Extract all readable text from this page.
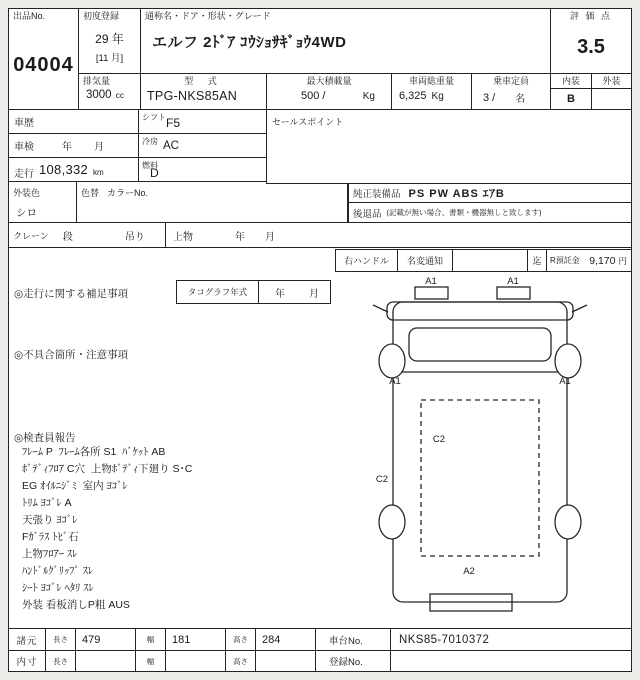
出品No.
04004
初度登録
29 年
[11 月]
通称名・ドア・形状・グレード
エルフ 2ﾄﾞｱ ｺｳｼｮｻｷﾞｮｳ4WD
評 価 点
3.5
排気量
3000 cc
型 式
TPG-NKS85AN
最大積載量
500 /	Kg
車両総重量
6,325 Kg
乗車定員
3 / 名
内装
B
外装
車歴
シフト F5
車検	年 月
冷房 AC
走行 108,332 km
燃料
D
外装色
シロ
色替 カラーNo.
セールスポイント
純正装備品 PS PW ABS ｴｱB
後退品 (記載が無い場合、書類・機器無しと致します)
クレーン 段	吊り	上物	年 月
右ハンドル	名変通知	迄	R預託金 9,170 円
◎走行に関する補足事項	タコグラフ年式	年 月
◎不具合箇所・注意事項
◎検査員報告
ﾌﾚｰﾑ P  ﾌﾚｰﾑ各所 S1  ﾊﾞｹｯﾄ AB
ﾎﾞﾃﾞｨﾌﾛｱ C穴  上物ﾎﾞﾃﾞｨ下廻り S･C
EG ｵｲﾙﾆｼﾞﾐ  室内 ﾖｺﾞﾚ
ﾄﾘﾑ ﾖｺﾞﾚ A
天張り ﾖｺﾞﾚ
Fｶﾞﾗｽ ﾄﾋﾞ石
上物ﾌﾛｱｰ ｽﾚ
ﾊﾝﾄﾞﾙｸﾞﾘｯﾌﾟ ｽﾚ
ｼｰﾄ ﾖｺﾞﾚ ﾍﾀﾘ ｽﾚ
外装 看板消しP粗 AUS
A1	A1
A1	A1
C2
C2
A2
諸元	長さ	479	幅	181	高さ	284	車台No.	NKS85-7010372
内寸	長さ	幅	高さ	登録No.
